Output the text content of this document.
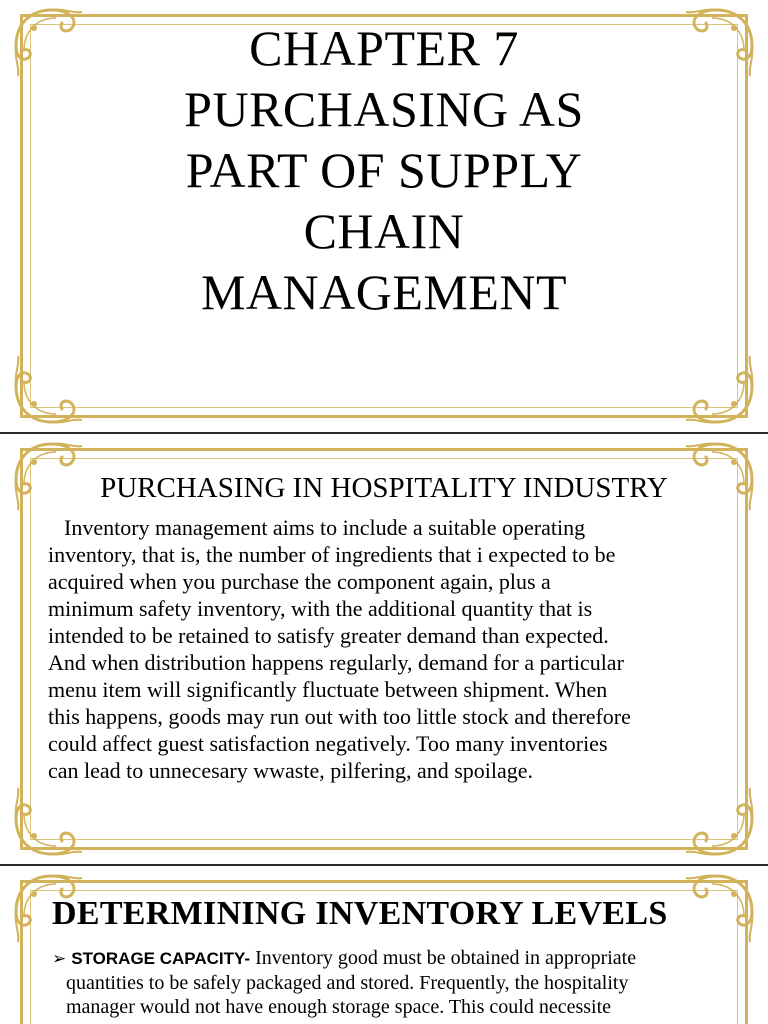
CHAPTER 7
PURCHASING AS
PART OF SUPPLY
CHAIN
MANAGEMENT
PURCHASING IN HOSPITALITY INDUSTRY
Inventory management aims to include a suitable operating
inventory, that is, the number of ingredients that i expected to be
acquired when you purchase the component again, plus a
minimum safety inventory, with the additional quantity that is
intended to be retained to satisfy greater demand than expected.
And when distribution happens regularly, demand for a particular
menu item will significantly fluctuate between shipment. When
this happens, goods may run out with too little stock and therefore
could affect guest satisfaction negatively. Too many inventories
can lead to unnecesary wwaste, pilfering, and spoilage.
DETERMINING INVENTORY LEVELS
➢ STORAGE CAPACITY- Inventory good must be obtained in appropriate
quantities to be safely packaged and stored. Frequently, the hospitality
manager would not have enough storage space. This could necessite
